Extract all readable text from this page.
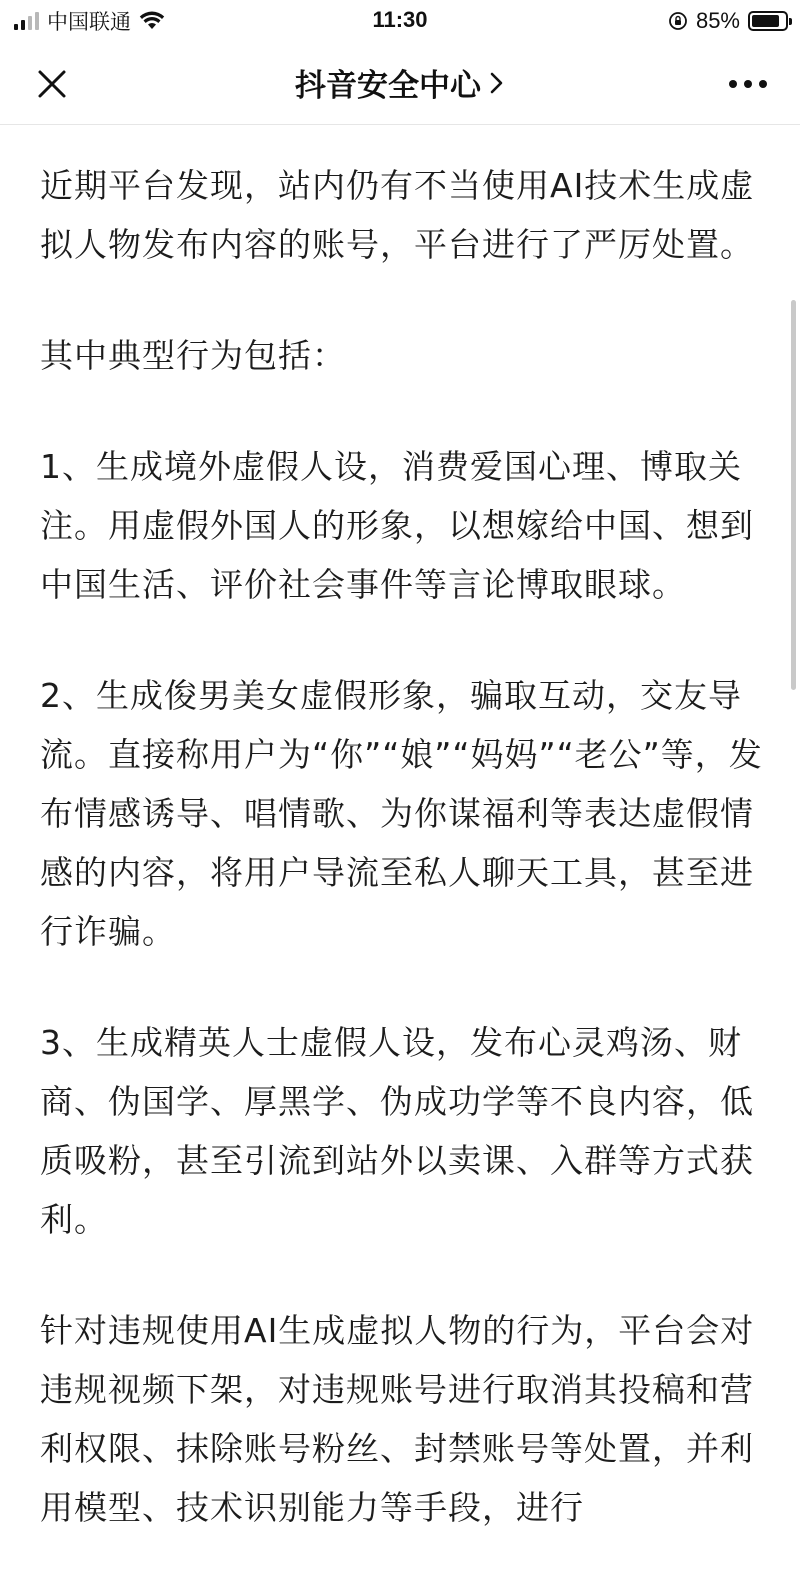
中国联通	11:30	85%
抖音安全中心

近期平台发现，站内仍有不当使用AI技术生成虚拟人物发布内容的账号，平台进行了严厉处置。

其中典型行为包括：

1、生成境外虚假人设，消费爱国心理、博取关注。用虚假外国人的形象，以想嫁给中国、想到中国生活、评价社会事件等言论博取眼球。

2、生成俊男美女虚假形象，骗取互动，交友导流。直接称用户为“你”“娘”“妈妈”“老公”等，发布情感诱导、唱情歌、为你谋福利等表达虚假情感的内容，将用户导流至私人聊天工具，甚至进行诈骗。

3、生成精英人士虚假人设，发布心灵鸡汤、财商、伪国学、厚黑学、伪成功学等不良内容，低质吸粉，甚至引流到站外以卖课、入群等方式获利。

针对违规使用AI生成虚拟人物的行为，平台会对违规视频下架，对违规账号进行取消其投稿和营利权限、抹除账号粉丝、封禁账号等处置，并利用模型、技术识别能力等手段，进行
